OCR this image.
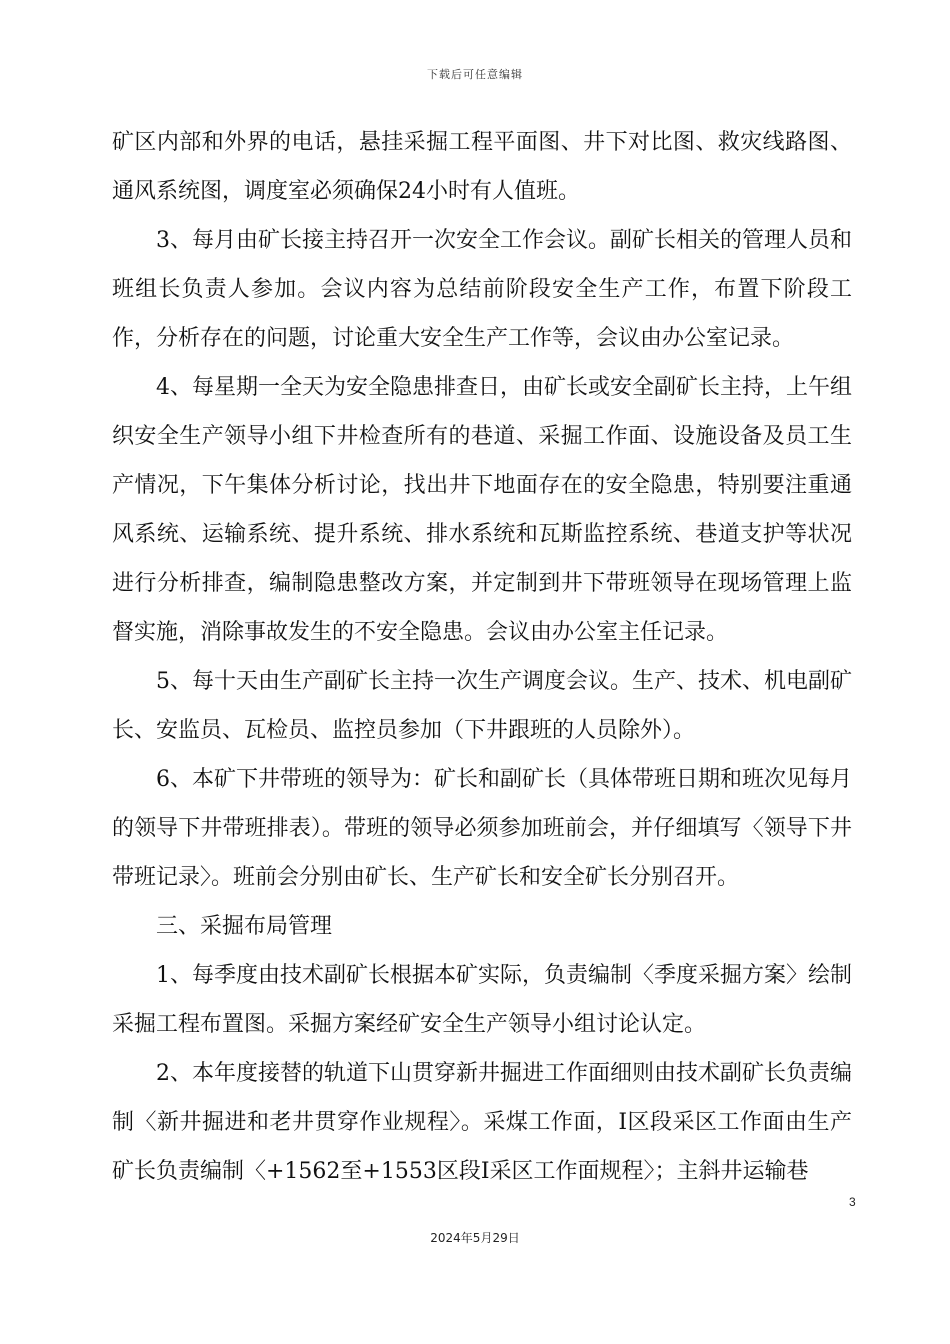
下载后可任意编辑

矿区内部和外界的电话，悬挂采掘工程平面图、井下对比图、救灾线路图、通风系统图，调度室必须确保24小时有人值班。

3、每月由矿长接主持召开一次安全工作会议。副矿长相关的管理人员和班组长负责人参加。会议内容为总结前阶段安全生产工作，布置下阶段工作，分析存在的问题，讨论重大安全生产工作等，会议由办公室记录。

4、每星期一全天为安全隐患排查日，由矿长或安全副矿长主持，上午组织安全生产领导小组下井检查所有的巷道、采掘工作面、设施设备及员工生产情况，下午集体分析讨论，找出井下地面存在的安全隐患，特别要注重通风系统、运输系统、提升系统、排水系统和瓦斯监控系统、巷道支护等状况进行分析排查，编制隐患整改方案，并定制到井下带班领导在现场管理上监督实施，消除事故发生的不安全隐患。会议由办公室主任记录。

5、每十天由生产副矿长主持一次生产调度会议。生产、技术、机电副矿长、安监员、瓦检员、监控员参加（下井跟班的人员除外）。

6、本矿下井带班的领导为：矿长和副矿长（具体带班日期和班次见每月的领导下井带班排表）。带班的领导必须参加班前会，并仔细填写〈领导下井带班记录〉。班前会分别由矿长、生产矿长和安全矿长分别召开。

三、采掘布局管理

1、每季度由技术副矿长根据本矿实际，负责编制〈季度采掘方案〉绘制采掘工程布置图。采掘方案经矿安全生产领导小组讨论认定。

2、本年度接替的轨道下山贯穿新井掘进工作面细则由技术副矿长负责编制〈新井掘进和老井贯穿作业规程〉。采煤工作面，Ⅰ区段采区工作面由生产矿长负责编制〈+1562至+1553区段Ⅰ采区工作面规程〉；主斜井运输巷

3
2024年5月29日
